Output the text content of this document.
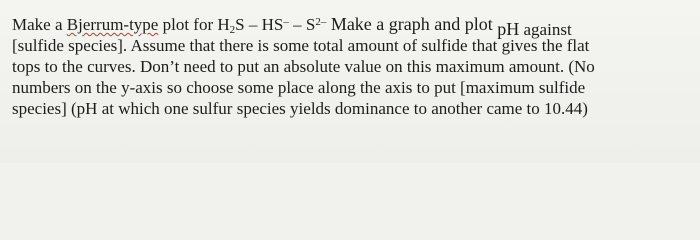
Make a Bjerrum-type plot for $H_2S - HS^- - S^{2-}$ Make a graph and plot pH against
[sulfide species]. Assume that there is some total amount of sulfide that gives the flat
tops to the curves. Don’t need to put an absolute value on this maximum amount. (No
numbers on the y-axis so choose some place along the axis to put [maximum sulfide
species] (pH at which one sulfur species yields dominance to another came to 10.44)
